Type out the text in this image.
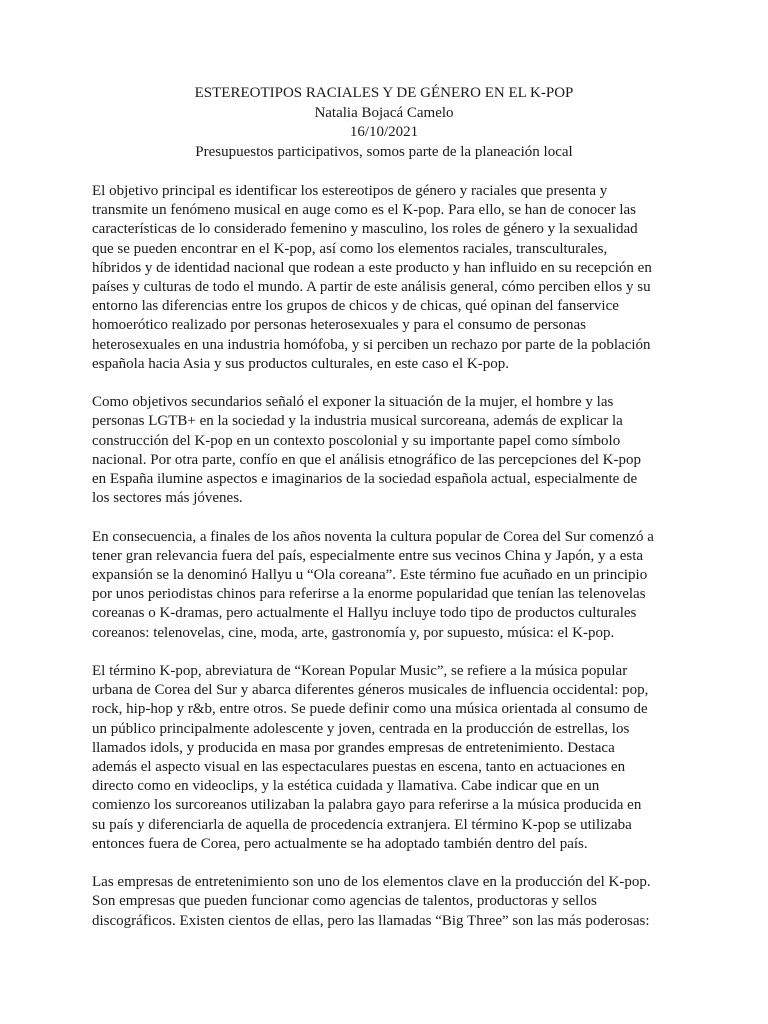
ESTEREOTIPOS RACIALES Y DE GÉNERO EN EL K-POP
Natalia Bojacá Camelo
16/10/2021
Presupuestos participativos, somos parte de la planeación local
El objetivo principal es identificar los estereotipos de género y raciales que presenta y
transmite un fenómeno musical en auge como es el K-pop. Para ello, se han de conocer las
características de lo considerado femenino y masculino, los roles de género y la sexualidad
que se pueden encontrar en el K-pop, así como los elementos raciales, transculturales,
híbridos y de identidad nacional que rodean a este producto y han influido en su recepción en
países y culturas de todo el mundo. A partir de este análisis general, cómo perciben ellos y su
entorno las diferencias entre los grupos de chicos y de chicas, qué opinan del fanservice
homoerótico realizado por personas heterosexuales y para el consumo de personas
heterosexuales en una industria homófoba, y si perciben un rechazo por parte de la población
española hacia Asia y sus productos culturales, en este caso el K-pop.
Como objetivos secundarios señaló el exponer la situación de la mujer, el hombre y las
personas LGTB+ en la sociedad y la industria musical surcoreana, además de explicar la
construcción del K-pop en un contexto poscolonial y su importante papel como símbolo
nacional. Por otra parte, confío en que el análisis etnográfico de las percepciones del K-pop
en España ilumine aspectos e imaginarios de la sociedad española actual, especialmente de
los sectores más jóvenes.
En consecuencia, a finales de los años noventa la cultura popular de Corea del Sur comenzó a
tener gran relevancia fuera del país, especialmente entre sus vecinos China y Japón, y a esta
expansión se la denominó Hallyu u “Ola coreana”. Este término fue acuñado en un principio
por unos periodistas chinos para referirse a la enorme popularidad que tenían las telenovelas
coreanas o K-dramas, pero actualmente el Hallyu incluye todo tipo de productos culturales
coreanos: telenovelas, cine, moda, arte, gastronomía y, por supuesto, música: el K-pop.
El término K-pop, abreviatura de “Korean Popular Music”, se refiere a la música popular
urbana de Corea del Sur y abarca diferentes géneros musicales de influencia occidental: pop,
rock, hip-hop y r&b, entre otros. Se puede definir como una música orientada al consumo de
un público principalmente adolescente y joven, centrada en la producción de estrellas, los
llamados idols, y producida en masa por grandes empresas de entretenimiento. Destaca
además el aspecto visual en las espectaculares puestas en escena, tanto en actuaciones en
directo como en videoclips, y la estética cuidada y llamativa. Cabe indicar que en un
comienzo los surcoreanos utilizaban la palabra gayo para referirse a la música producida en
su país y diferenciarla de aquella de procedencia extranjera. El término K-pop se utilizaba
entonces fuera de Corea, pero actualmente se ha adoptado también dentro del país.
Las empresas de entretenimiento son uno de los elementos clave en la producción del K-pop.
Son empresas que pueden funcionar como agencias de talentos, productoras y sellos
discográficos. Existen cientos de ellas, pero las llamadas “Big Three” son las más poderosas:
